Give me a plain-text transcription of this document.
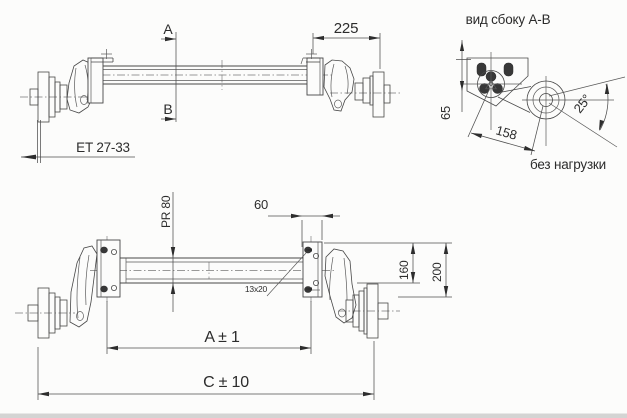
A
B
225
ET 27-33
вид сбоку A-B
65
158
25°
без нагрузки
PR 80	60
13x20
160 200
A ± 1
C ± 10
